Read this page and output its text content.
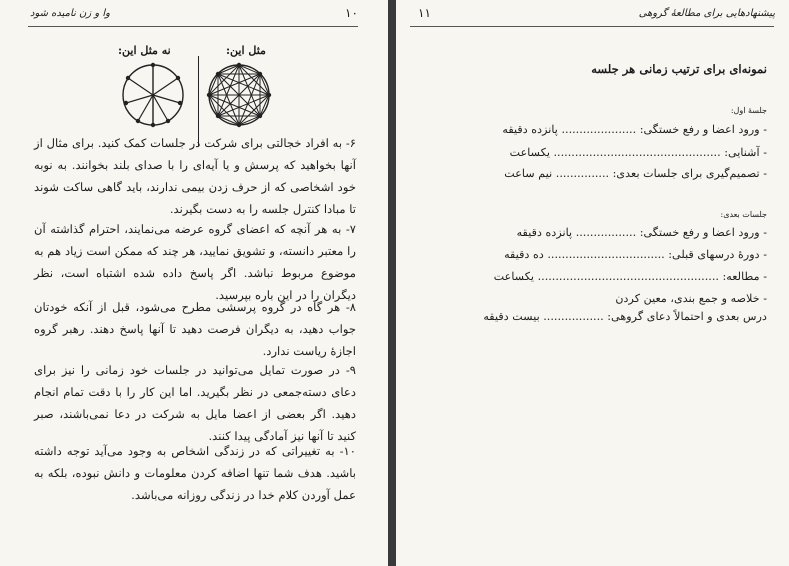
۱۰
وا و زن نامیده شود
مثل این:
نه مثل این:
۶- به افراد خجالتی برای شرکت در جلسات کمک کنید. برای مثال از آنها بخواهید که پرسش و یا آیه‌ای را با صدای بلند بخوانند. به نوبه خود اشخاصی که از حرف زدن بیمی ندارند، باید گاهی ساکت شوند تا مبادا کنترل جلسه را به دست بگیرند.
۷- به هر آنچه که اعضای گروه عرضه می‌نمایند، احترام گذاشته آن را معتبر دانسته، و تشویق نمایید، هر چند که ممکن است زیاد هم به موضوع مربوط نباشد. اگر پاسخ داده شده اشتباه است، نظر دیگران را در این باره بپرسید.
۸- هر گاه در گروه پرسشی مطرح می‌شود، قبل از آنکه خودتان جواب دهید، به دیگران فرصت دهید تا آنها پاسخ دهند. رهبر گروه اجازهٔ ریاست ندارد.
۹- در صورت تمایل می‌توانید در جلسات خود زمانی را نیز برای دعای دسته‌جمعی در نظر بگیرید. اما این کار را با دقت تمام انجام دهید. اگر بعضی از اعضا مایل به شرکت در دعا نمی‌باشند، صبر کنید تا آنها نیز آمادگی پیدا کنند.
۱۰- به تغییراتی که در زندگی اشخاص به وجود می‌آید توجه داشته باشید. هدف شما تنها اضافه کردن معلومات و دانش نبوده، بلکه به عمل آوردن کلام خدا در زندگی روزانه می‌باشد.
۱۱	پیشنهادهایی برای مطالعهٔ گروهی
نمونه‌ای برای ترتیب زمانی هر جلسه
جلسهٔ اول:
- ورود اعضا و رفع خستگی: ..................... پانزده دقیقه
- آشنایی: ............................................... یکساعت
- تصمیم‌گیری برای جلسات بعدی: ............... نیم ساعت
جلسات بعدی:
- ورود اعضا و رفع خستگی: ................. پانزده دقیقه
- دورهٔ درسهای قبلی: ................................. ده دقیقه
- مطالعه: ................................................... یکساعت
- خلاصه و جمع بندی، معین کردن
درس بعدی و احتمالاً دعای گروهی: ................. بیست دقیقه
